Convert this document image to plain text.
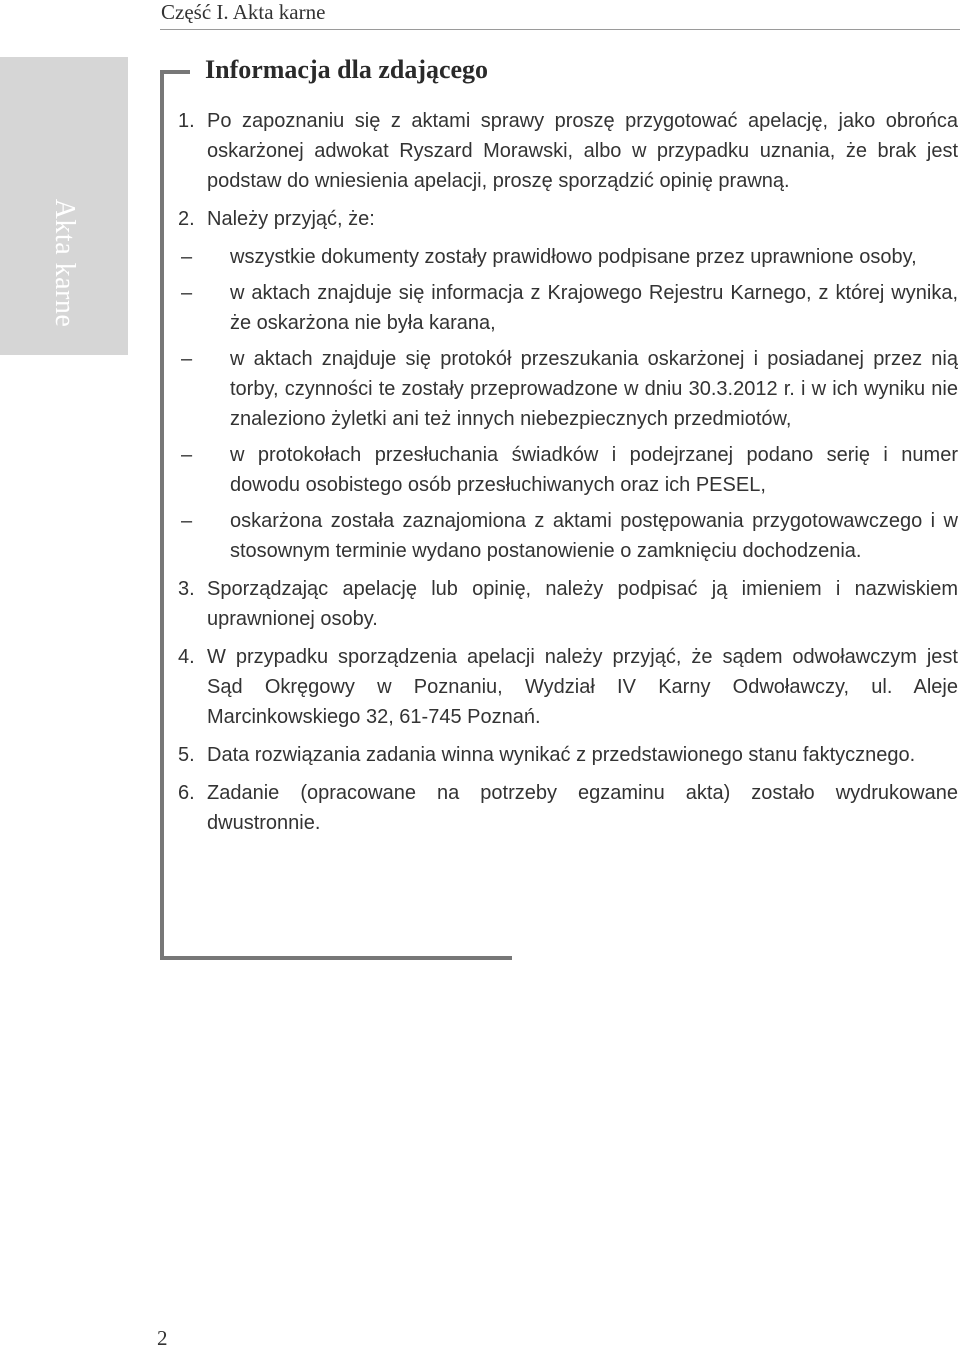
Część I. Akta karne
Akta karne
Informacja dla zdającego
1. Po zapoznaniu się z aktami sprawy proszę przygotować apelację, jako obrońca oskarżonej adwokat Ryszard Morawski, albo w przypadku uznania, że brak jest podstaw do wniesienia apelacji, proszę sporządzić opinię prawną.
2. Należy przyjąć, że:
– wszystkie dokumenty zostały prawidłowo podpisane przez uprawnione osoby,
– w aktach znajduje się informacja z Krajowego Rejestru Karnego, z której wynika, że oskarżona nie była karana,
– w aktach znajduje się protokół przeszukania oskarżonej i posiadanej przez nią torby, czynności te zostały przeprowadzone w dniu 30.3.2012 r. i w ich wyniku nie znaleziono żyletki ani też innych niebezpiecznych przedmiotów,
– w protokołach przesłuchania świadków i podejrzanej podano serię i numer dowodu osobistego osób przesłuchiwanych oraz ich PESEL,
– oskarżona została zaznajomiona z aktami postępowania przygotowawczego i w stosownym terminie wydano postanowienie o zamknięciu dochodzenia.
3. Sporządzając apelację lub opinię, należy podpisać ją imieniem i nazwiskiem uprawnionej osoby.
4. W przypadku sporządzenia apelacji należy przyjąć, że sądem odwoławczym jest Sąd Okręgowy w Poznaniu, Wydział IV Karny Odwoławczy, ul. Aleje Marcinkowskiego 32, 61-745 Poznań.
5. Data rozwiązania zadania winna wynikać z przedstawionego stanu faktycznego.
6. Zadanie (opracowane na potrzeby egzaminu akta) zostało wydrukowane dwustronnie.
2
